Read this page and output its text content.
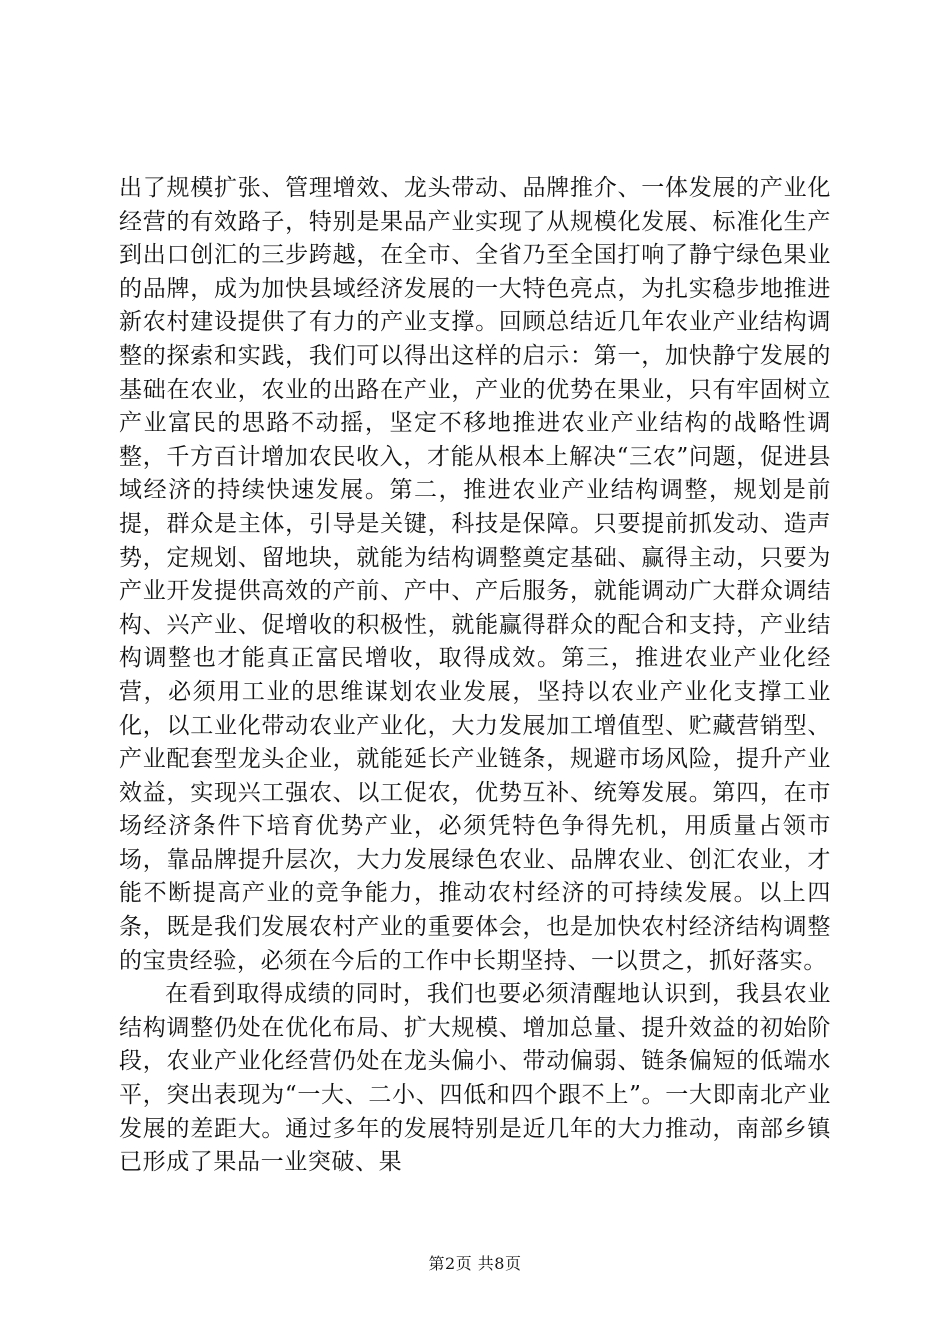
出了规模扩张、管理增效、龙头带动、品牌推介、一体发展的产业化经营的有效路子，特别是果品产业实现了从规模化发展、标准化生产到出口创汇的三步跨越，在全市、全省乃至全国打响了静宁绿色果业的品牌，成为加快县域经济发展的一大特色亮点，为扎实稳步地推进新农村建设提供了有力的产业支撑。回顾总结近几年农业产业结构调整的探索和实践，我们可以得出这样的启示：第一，加快静宁发展的基础在农业，农业的出路在产业，产业的优势在果业，只有牢固树立产业富民的思路不动摇，坚定不移地推进农业产业结构的战略性调整，千方百计增加农民收入，才能从根本上解决“三农”问题，促进县域经济的持续快速发展。第二，推进农业产业结构调整，规划是前提，群众是主体，引导是关键，科技是保障。只要提前抓发动、造声势，定规划、留地块，就能为结构调整奠定基础、赢得主动，只要为产业开发提供高效的产前、产中、产后服务，就能调动广大群众调结构、兴产业、促增收的积极性，就能赢得群众的配合和支持，产业结构调整也才能真正富民增收，取得成效。第三，推进农业产业化经营，必须用工业的思维谋划农业发展，坚持以农业产业化支撑工业化，以工业化带动农业产业化，大力发展加工增值型、贮藏营销型、产业配套型龙头企业，就能延长产业链条，规避市场风险，提升产业效益，实现兴工强农、以工促农，优势互补、统筹发展。第四，在市场经济条件下培育优势产业，必须凭特色争得先机，用质量占领市场，靠品牌提升层次，大力发展绿色农业、品牌农业、创汇农业，才能不断提高产业的竞争能力，推动农村经济的可持续发展。以上四条，既是我们发展农村产业的重要体会，也是加快农村经济结构调整的宝贵经验，必须在今后的工作中长期坚持、一以贯之，抓好落实。

在看到取得成绩的同时，我们也要必须清醒地认识到，我县农业结构调整仍处在优化布局、扩大规模、增加总量、提升效益的初始阶段，农业产业化经营仍处在龙头偏小、带动偏弱、链条偏短的低端水平，突出表现为“一大、二小、四低和四个跟不上”。一大即南北产业发展的差距大。通过多年的发展特别是近几年的大力推动，南部乡镇已形成了果品一业突破、果

第2页 共8页
